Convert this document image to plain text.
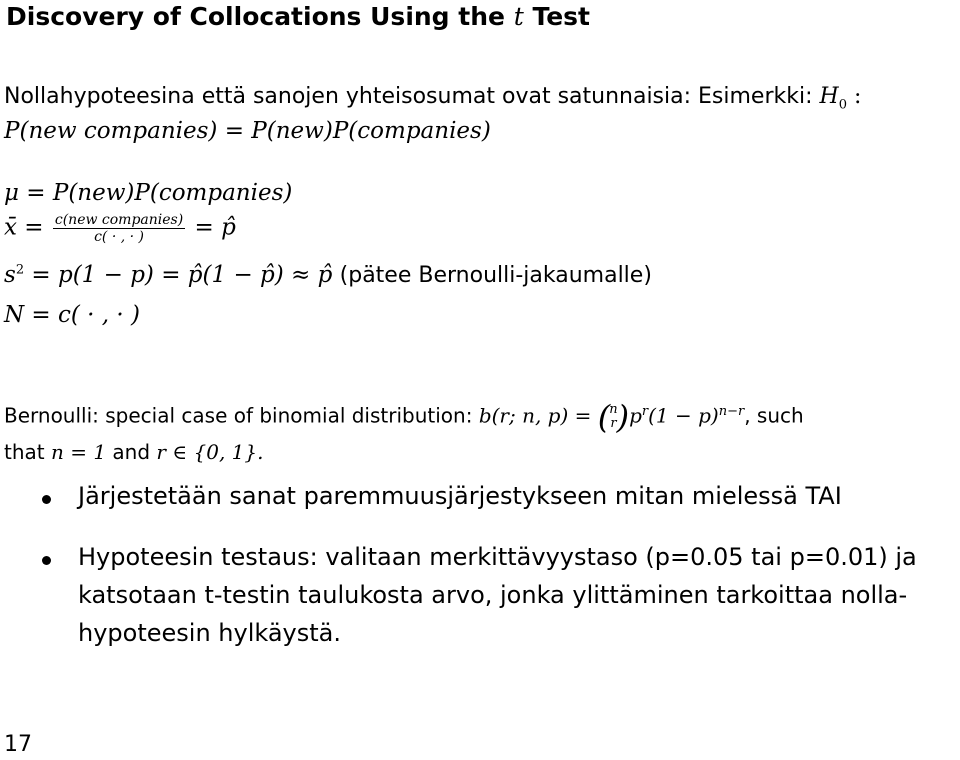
Discovery of Collocations Using the t Test
Nollahypoteesina että sanojen yhteisosumat ovat satunnaisia: Esimerkki: $H_0$ :
P(new companies) = P(new)P(companies)
μ = P(new)P(companies)
x̄ = $\frac{\text{c(new companies)}}{c( \cdot , \cdot )}$ = p̂
$s^2 = p(1 - p)$ = p̂(1 − p̂) ≈ p̂ (pätee Bernoulli-jakaumalle)
N = c( · , · )
Bernoulli: special case of binomial distribution: b(r; n, p) = ( n
r )$p^r(1 - p)^{n-r}$, such
that n = 1 and r ∈ {0, 1}.
Järjestetään sanat paremmuusjärjestykseen mitan mielessä TAI
Hypoteesin testaus: valitaan merkittävyystaso (p=0.05 tai p=0.01) ja
katsotaan t-testin taulukosta arvo, jonka ylittäminen tarkoittaa nolla-
hypoteesin hylkäystä.
17
